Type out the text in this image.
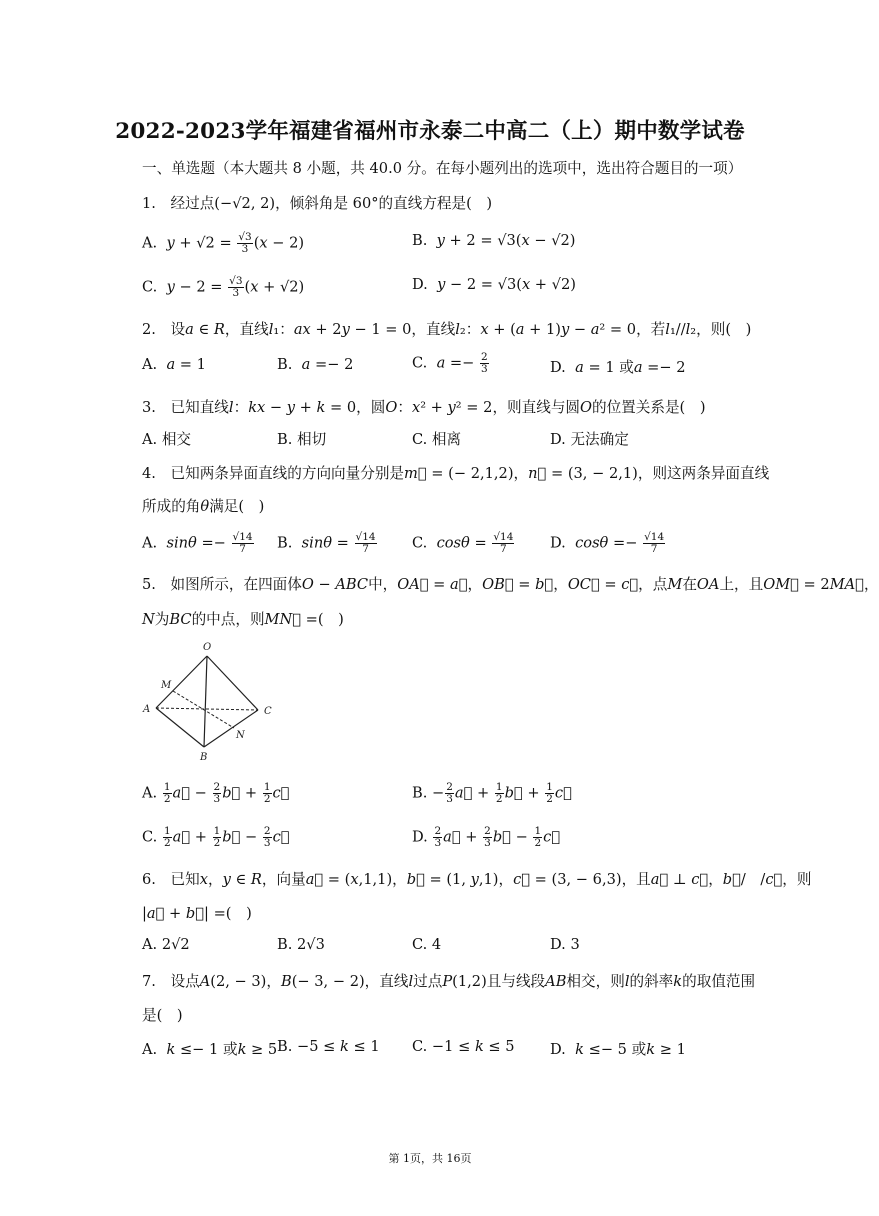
2022-2023学年福建省福州市永泰二中高二（上）期中数学试卷
一、单选题（本大题共 8 小题，共 40.0 分。在每小题列出的选项中，选出符合题目的一项）
1.　经过点(−√2, 2)，倾斜角是 60°的直线方程是(　)
A.  $y + √2 = \frac{√3}{3} (x - 2)$	B.  y + 2 = √3(x − √2)
C.  $y - 2 = \frac{√3}{3} (x + √2)$	D.  y − 2 = √3(x + √2)
2.　设a ∈ R，直线l₁：ax + 2y − 1 = 0，直线l₂：x + (a + 1)y − a² = 0，若l₁//l₂，则(　)
A.  a = 1	B.  a =− 2	C.  $a =- \frac{2}{3}$	D.  a = 1 或a =− 2
3.　已知直线l：kx − y + k = 0，圆O：x² + y² = 2，则直线与圆O的位置关系是(　)
A. 相交	B. 相切	C. 相离	D. 无法确定
4.　已知两条异面直线的方向向量分别是m⃗ = (− 2,1,2)，n⃗ = (3, − 2,1)，则这两条异面直线
所成的角θ满足(　)
A.  $\sin\theta =- \frac{√14}{7} B$.  $\sin\theta = \frac{√14}{7} C$.  $\cos\theta = \frac{√14}{7} D$.  $\cos\theta =- \frac{√14}{7}$
5.　如图所示，在四面体O − ABC中，OA⃗ = a⃗，OB⃗ = b⃗，OC⃗ = c⃗，点M在OA上，且OM⃗ = 2MA⃗，
N为BC的中点，则MN⃗ =(　)
O
M
A	C
N
B
A. $\frac{1}{2}$ a⃗ − $\frac{2}{3}$ b⃗ + $\frac{1}{2}$ c⃗	B. − $\frac{2}{3}$ a⃗ + $\frac{1}{2}$ b⃗ + $\frac{1}{2}$ c⃗
C. $\frac{1}{2}$ a⃗ + $\frac{1}{2}$ b⃗ − $\frac{2}{3}$ c⃗	D. $\frac{2}{3}$ a⃗ + $\frac{2}{3}$ b⃗ − $\frac{1}{2}$ c⃗
6.　已知x，y ∈ R，向量a⃗ = (x,1,1)，b⃗ = (1, y,1)，c⃗ = (3, − 6,3)，且a⃗ ⊥ c⃗，b⃗/　/c⃗，则
|a⃗ + b⃗| =(　)
A. 2√2	B. 2√3	C. 4	D. 3
7.　设点A(2, − 3)，B(− 3, − 2)，直线l过点P(1,2)且与线段AB相交，则l的斜率k的取值范围
是(　)
A.  k ≤− 1 或k ≥ 5 B. −5 ≤ k ≤ 1 C. −1 ≤ k ≤ 5 D.  k ≤− 5 或k ≥ 1
第 1页，共 16页
